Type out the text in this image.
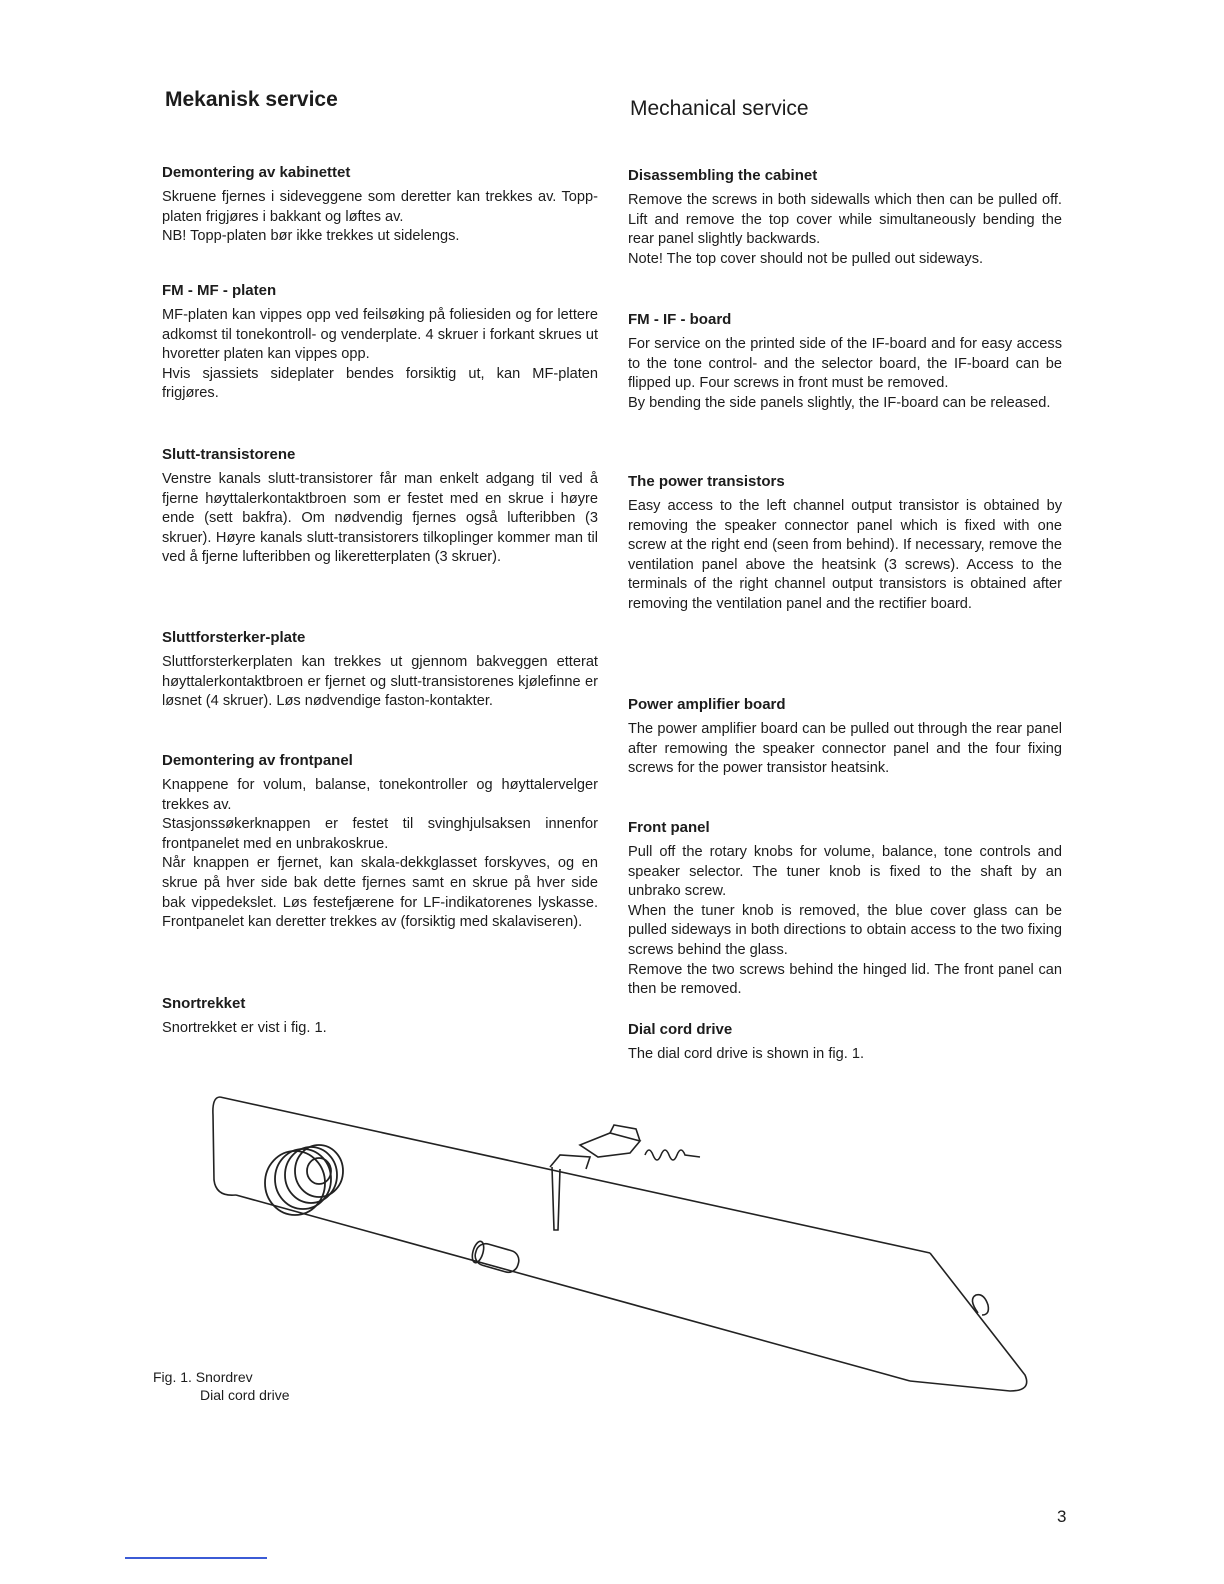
Mekanisk service	Mechanical service
Demontering av kabinettet

Skruene fjernes i sideveggene som deretter kan trekkes av. Topp-platen frigjøres i bakkant og løftes av.
NB! Topp-platen bør ikke trekkes ut sidelengs.

FM - MF - platen

MF-platen kan vippes opp ved feilsøking på foliesiden og for lettere adkomst til tonekontroll- og venderplate. 4 skruer i forkant skrues ut hvoretter platen kan vippes opp.
Hvis sjassiets sideplater bendes forsiktig ut, kan MF-platen frigjøres.

Slutt-transistorene

Venstre kanals slutt-transistorer får man enkelt adgang til ved å fjerne høyttalerkontaktbroen som er festet med en skrue i høyre ende (sett bakfra). Om nødvendig fjernes også lufteribben (3 skruer). Høyre kanals slutt-transistorers tilkoplinger kommer man til ved å fjerne lufteribben og likeretterplaten (3 skruer).

Sluttforsterker-plate

Sluttforsterkerplaten kan trekkes ut gjennom bakveggen etterat høyttalerkontaktbroen er fjernet og slutt-transistorenes kjølefinne er løsnet (4 skruer). Løs nødvendige faston-kontakter.

Demontering av frontpanel

Knappene for volum, balanse, tonekontroller og høyttalervelger trekkes av.
Stasjonssøkerknappen er festet til svinghjulsaksen innenfor frontpanelet med en unbrakoskrue.
Når knappen er fjernet, kan skala-dekkglasset forskyves, og en skrue på hver side bak dette fjernes samt en skrue på hver side bak vippedekslet. Løs festefjærene for LF-indikatorenes lyskasse. Frontpanelet kan deretter trekkes av (forsiktig med skalaviseren).

Snortrekket

Snortrekket er vist i fig. 1.

Disassembling the cabinet

Remove the screws in both sidewalls which then can be pulled off. Lift and remove the top cover while simultaneously bending the rear panel slightly backwards.
Note! The top cover should not be pulled out sideways.

FM - IF - board

For service on the printed side of the IF-board and for easy access to the tone control- and the selector board, the IF-board can be flipped up. Four screws in front must be removed.
By bending the side panels slightly, the IF-board can be released.

The power transistors

Easy access to the left channel output transistor is obtained by removing the speaker connector panel which is fixed with one screw at the right end (seen from behind). If necessary, remove the ventilation panel above the heatsink (3 screws). Access to the terminals of the right channel output transistors is obtained after removing the ventilation panel and the rectifier board.

Power amplifier board

The power amplifier board can be pulled out through the rear panel after remowing the speaker connector panel and the four fixing screws for the power transistor heatsink.

Front panel

Pull off the rotary knobs for volume, balance, tone controls and speaker selector. The tuner knob is fixed to the shaft by an unbrako screw.
When the tuner knob is removed, the blue cover glass can be pulled sideways in both directions to obtain access to the two fixing screws behind the glass.
Remove the two screws behind the hinged lid. The front panel can then be removed.

Dial cord drive

The dial cord drive is shown in fig. 1.

Fig. 1. Snordrev
Dial cord drive
3
